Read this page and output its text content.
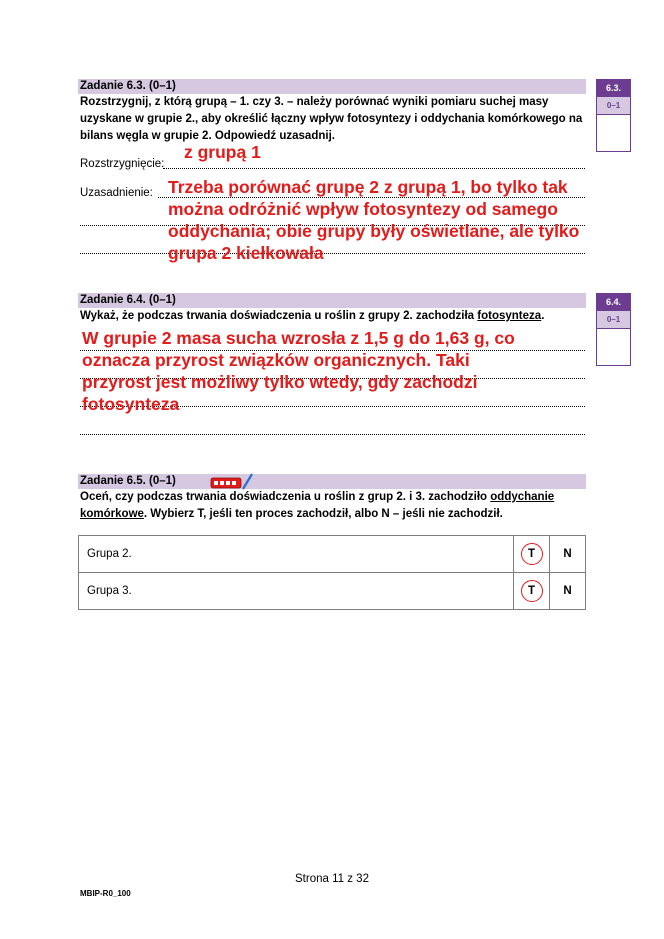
Zadanie 6.3. (0–1)
Rozstrzygnij, z którą grupą – 1. czy 3. – należy porównać wyniki pomiaru suchej masy uzyskane w grupie 2., aby określić łączny wpływ fotosyntezy i oddychania komórkowego na bilans węgla w grupie 2. Odpowiedź uzasadnij.
6.3.
0–1
Rozstrzygnięcie:
z grupą 1
Uzasadnienie: Trzeba porównać grupę 2 z grupą 1, bo tylko tak
można odróżnić wpływ fotosyntezy od samego
oddychania; obie grupy były oświetlane, ale tylko
grupa 2 kiełkowała
Zadanie 6.4. (0–1)
Wykaż, że podczas trwania doświadczenia u roślin z grupy 2. zachodziła fotosynteza.
6.4.
0–1
W grupie 2 masa sucha wzrosła z 1,5 g do 1,63 g, co
oznacza przyrost związków organicznych. Taki
przyrost jest możliwy tylko wtedy, gdy zachodzi
fotosynteza
Zadanie 6.5. (0–1)
Oceń, czy podczas trwania doświadczenia u roślin z grup 2. i 3. zachodziło oddychanie
komórkowe. Wybierz T, jeśli ten proces zachodził, albo N – jeśli nie zachodził.
Grupa 2.	T	N
Grupa 3.	T	N
Strona 11 z 32
MBIP-R0_100
